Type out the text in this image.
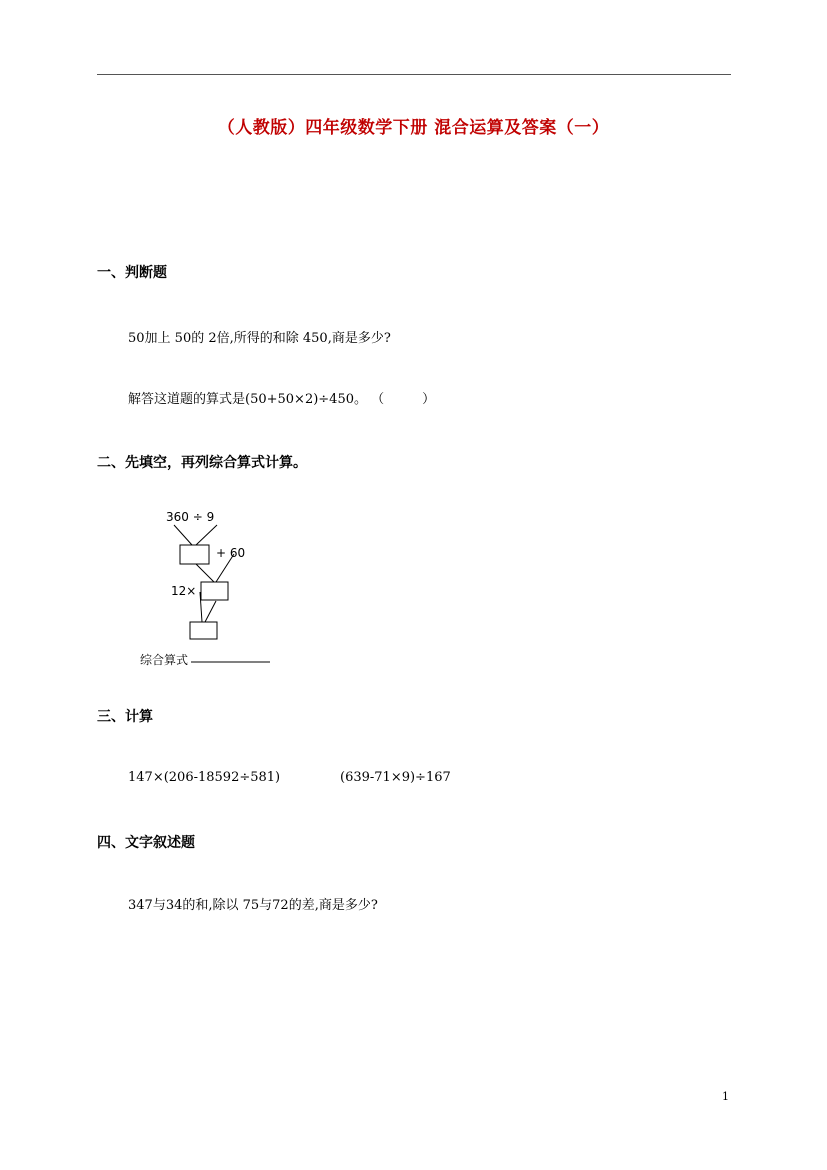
（人教版）四年级数学下册 混合运算及答案（一）
一、判断题
50加上 50的 2倍,所得的和除 450,商是多少?
解答这道题的算式是(50+50×2)÷450。 （	）
二、先填空，再列综合算式计算。
360 ÷ 9
+ 60
12×
综合算式
三、计算
147×(206-18592÷581)	(639-71×9)÷167
四、文字叙述题
347与34的和,除以 75与72的差,商是多少?
1
